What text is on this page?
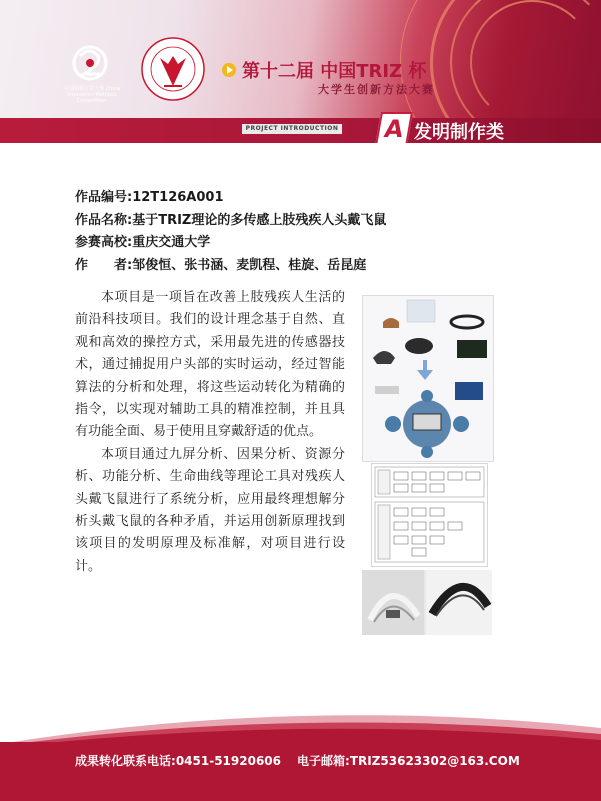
中国创新方法大赛 China Innovation Methods Competition
第十二届 中国TRIZ 杯
大学生创新方法大赛
PROJECT INTRODUCTION	A 发明制作类
作品编号:12T126A001
作品名称:基于TRIZ理论的多传感上肢残疾人头戴飞鼠
参赛高校:重庆交通大学
作　　者:邹俊恒、张书涵、麦凯程、桂旋、岳昆庭

本项目是一项旨在改善上肢残疾人生活的前沿科技项目。我们的设计理念基于自然、直观和高效的操控方式，采用最先进的传感器技术，通过捕捉用户头部的实时运动，经过智能算法的分析和处理，将这些运动转化为精确的指令，以实现对辅助工具的精准控制，并且具有功能全面、易于使用且穿戴舒适的优点。

本项目通过九屏分析、因果分析、资源分析、功能分析、生命曲线等理论工具对残疾人头戴飞鼠进行了系统分析，应用最终理想解分析头戴飞鼠的各种矛盾，并运用创新原理找到该项目的发明原理及标准解，对项目进行设计。

成果转化联系电话:0451-51920606 电子邮箱:TRIZ53623302@163.COM
